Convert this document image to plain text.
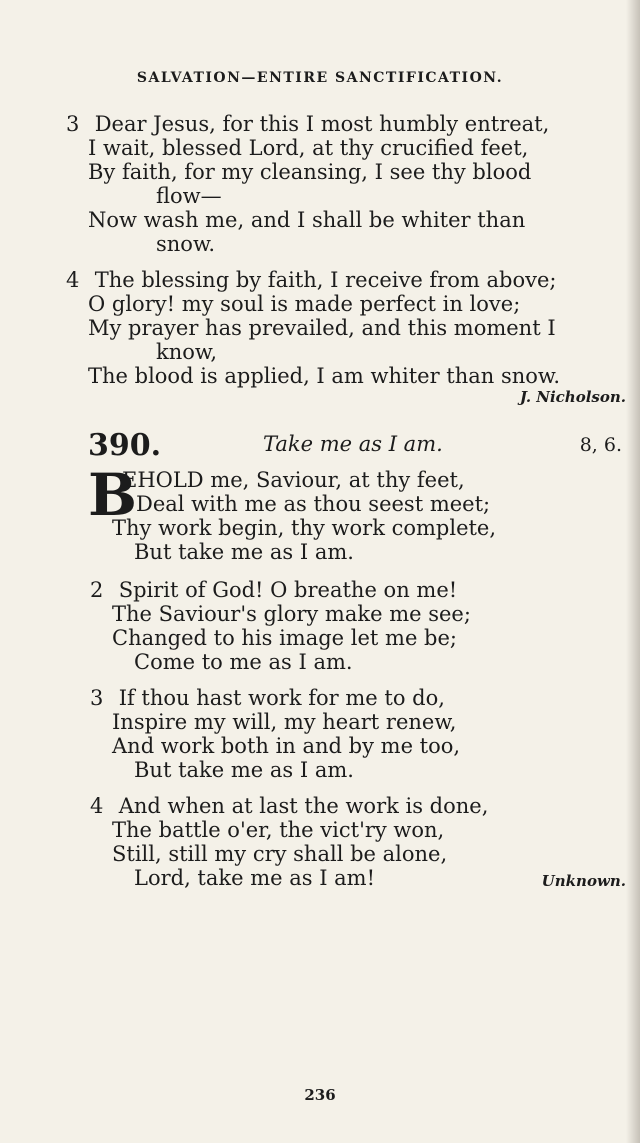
SALVATION—ENTIRE SANCTIFICATION.
3 Dear Jesus, for this I most humbly entreat,
I wait, blessed Lord, at thy crucified feet,
By faith, for my cleansing, I see thy blood
flow—
Now wash me, and I shall be whiter than
snow.
4 The blessing by faith, I receive from above;
O glory! my soul is made perfect in love;
My prayer has prevailed, and this moment I
know,
The blood is applied, I am whiter than snow.
J. Nicholson.
390.	Take me as I am.	8, 6.
B
EHOLD me, Saviour, at thy feet,
Deal with me as thou seest meet;
Thy work begin, thy work complete,
But take me as I am.
2 Spirit of God! O breathe on me!
The Saviour's glory make me see;
Changed to his image let me be;
Come to me as I am.
3 If thou hast work for me to do,
Inspire my will, my heart renew,
And work both in and by me too,
But take me as I am.
4 And when at last the work is done,
The battle o'er, the vict'ry won,
Still, still my cry shall be alone,
Lord, take me as I am!	Unknown.
236
